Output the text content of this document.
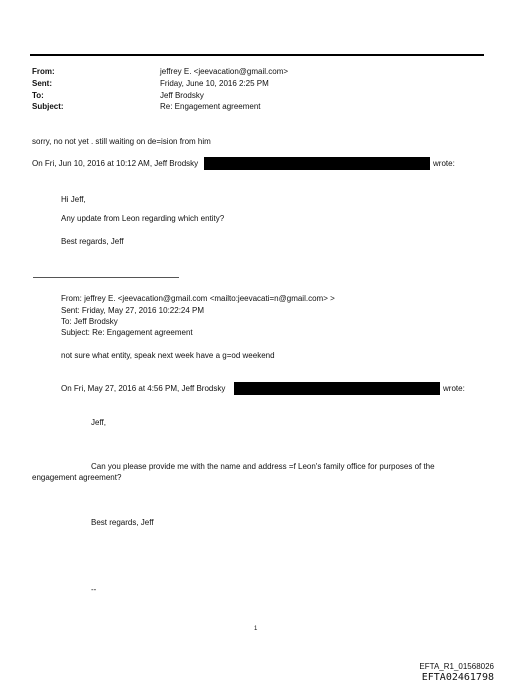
From:
Sent:
To:
Subject:
jeffrey E. <jeevacation@gmail.com>
Friday, June 10, 2016 2:25 PM
Jeff Brodsky
Re: Engagement agreement
sorry, no not yet . still waiting on de=ision from him
On Fri, Jun 10, 2016 at 10:12 AM, Jeff Brodsky	wrote:
Hi Jeff,
Any update from Leon regarding which entity?
Best regards, Jeff
From: jeffrey E. <jeevacation@gmail.com <mailto:jeevacati=n@gmail.com> >
Sent: Friday, May 27, 2016 10:22:24 PM
To: Jeff Brodsky
Subject: Re: Engagement agreement
not sure what entity, speak next week have a g=od weekend
On Fri, May 27, 2016 at 4:56 PM, Jeff Brodsky	wrote:
Jeff,
Can you please provide me with the name and address =f Leon's family office for purposes of the
engagement agreement?
Best regards, Jeff
--
1
EFTA_R1_01568026
EFTA02461798
